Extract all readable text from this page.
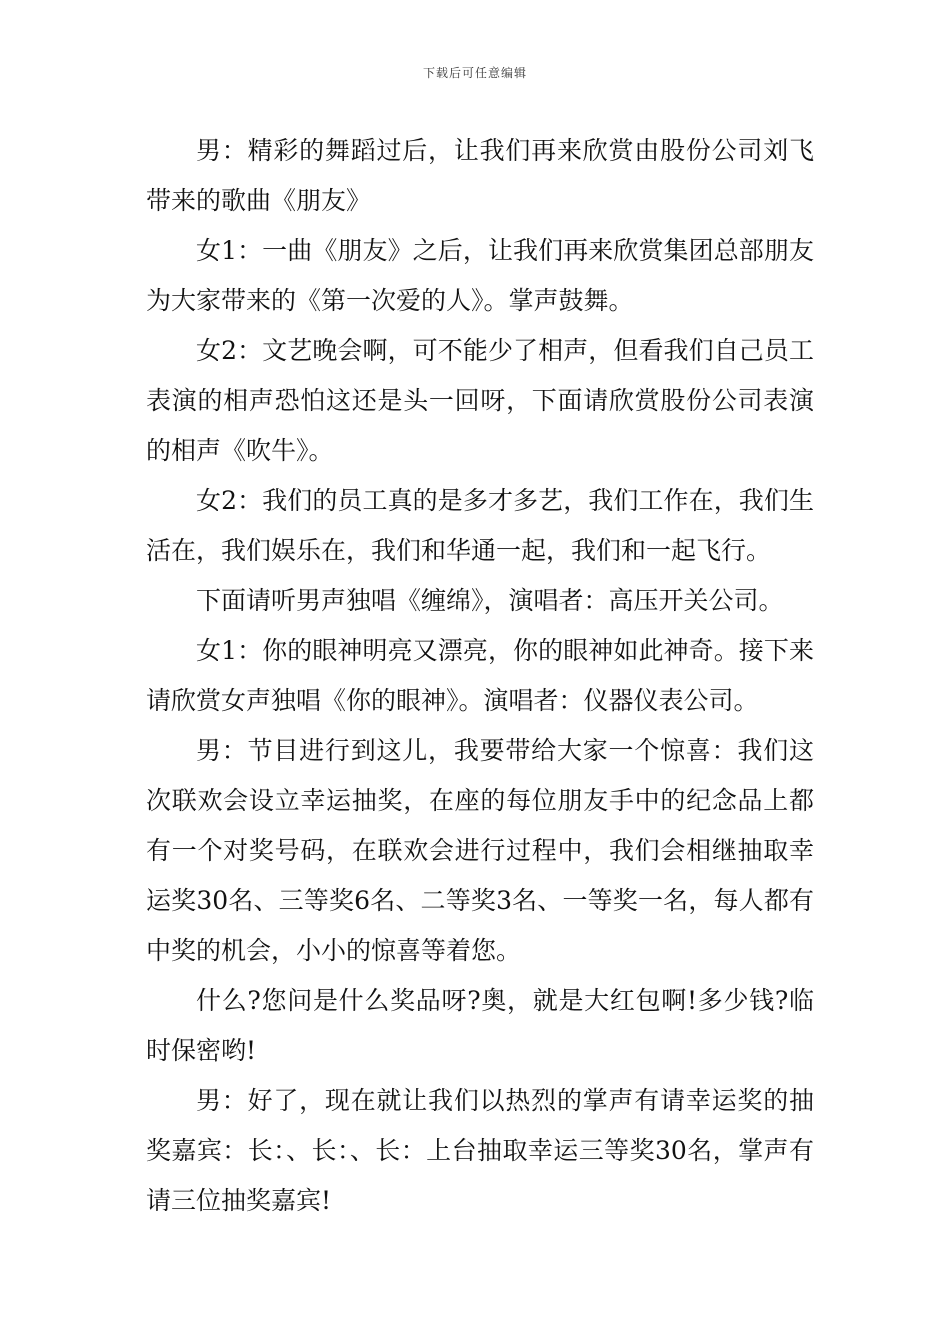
下载后可任意编辑

男：精彩的舞蹈过后，让我们再来欣赏由股份公司刘飞带来的歌曲《朋友》

女1：一曲《朋友》之后，让我们再来欣赏集团总部朋友为大家带来的《第一次爱的人》。掌声鼓舞。

女2：文艺晚会啊，可不能少了相声，但看我们自己员工表演的相声恐怕这还是头一回呀，下面请欣赏股份公司表演的相声《吹牛》。

女2：我们的员工真的是多才多艺，我们工作在，我们生活在，我们娱乐在，我们和华通一起，我们和一起飞行。

下面请听男声独唱《缠绵》，演唱者：高压开关公司。

女1：你的眼神明亮又漂亮，你的眼神如此神奇。接下来请欣赏女声独唱《你的眼神》。演唱者：仪器仪表公司。

男：节目进行到这儿，我要带给大家一个惊喜：我们这次联欢会设立幸运抽奖，在座的每位朋友手中的纪念品上都有一个对奖号码，在联欢会进行过程中，我们会相继抽取幸运奖30名、三等奖6名、二等奖3名、一等奖一名，每人都有中奖的机会，小小的惊喜等着您。

什么?您问是什么奖品呀?奥，就是大红包啊!多少钱?临时保密哟!

男：好了，现在就让我们以热烈的掌声有请幸运奖的抽奖嘉宾：长：、长：、长：上台抽取幸运三等奖30名，掌声有请三位抽奖嘉宾!
